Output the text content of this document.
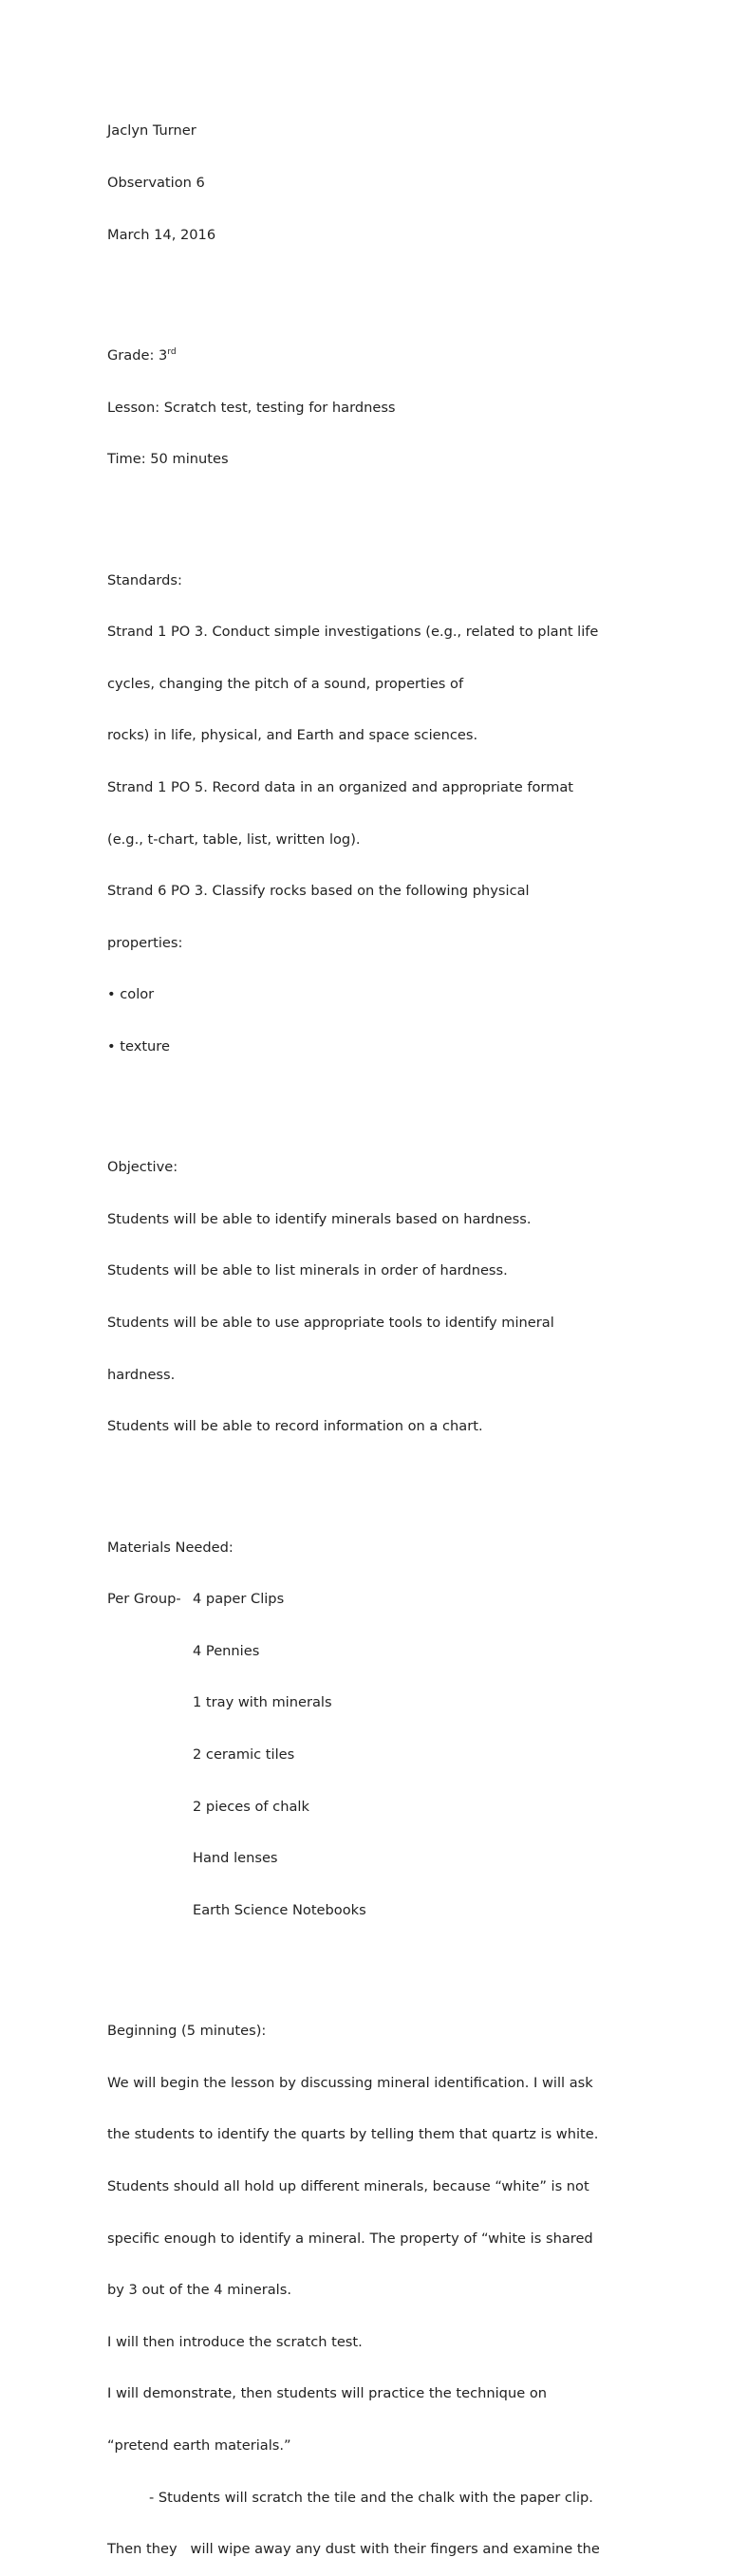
Jaclyn Turner

Observation 6

March 14, 2016

Grade: 3rd

Lesson: Scratch test, testing for hardness

Time: 50 minutes

Standards:

Strand 1 PO 3. Conduct simple investigations (e.g., related to plant life

cycles, changing the pitch of a sound, properties of

rocks) in life, physical, and Earth and space sciences.

Strand 1 PO 5. Record data in an organized and appropriate format

(e.g., t-chart, table, list, written log).

Strand 6 PO 3. Classify rocks based on the following physical

properties:

• color

• texture

Objective:

Students will be able to identify minerals based on hardness.

Students will be able to list minerals in order of hardness.

Students will be able to use appropriate tools to identify mineral

hardness.

Students will be able to record information on a chart.

Materials Needed:

Per Group- 4 paper Clips

4 Pennies

1 tray with minerals

2 ceramic tiles

2 pieces of chalk

Hand lenses

Earth Science Notebooks

Beginning (5 minutes):

We will begin the lesson by discussing mineral identification. I will ask

the students to identify the quarts by telling them that quartz is white.

Students should all hold up different minerals, because “white” is not

specific enough to identify a mineral. The property of “white is shared

by 3 out of the 4 minerals.

I will then introduce the scratch test.

I will demonstrate, then students will practice the technique on

“pretend earth materials.”

- Students will scratch the tile and the chalk with the paper clip.

Then they   will wipe away any dust with their fingers and examine the
